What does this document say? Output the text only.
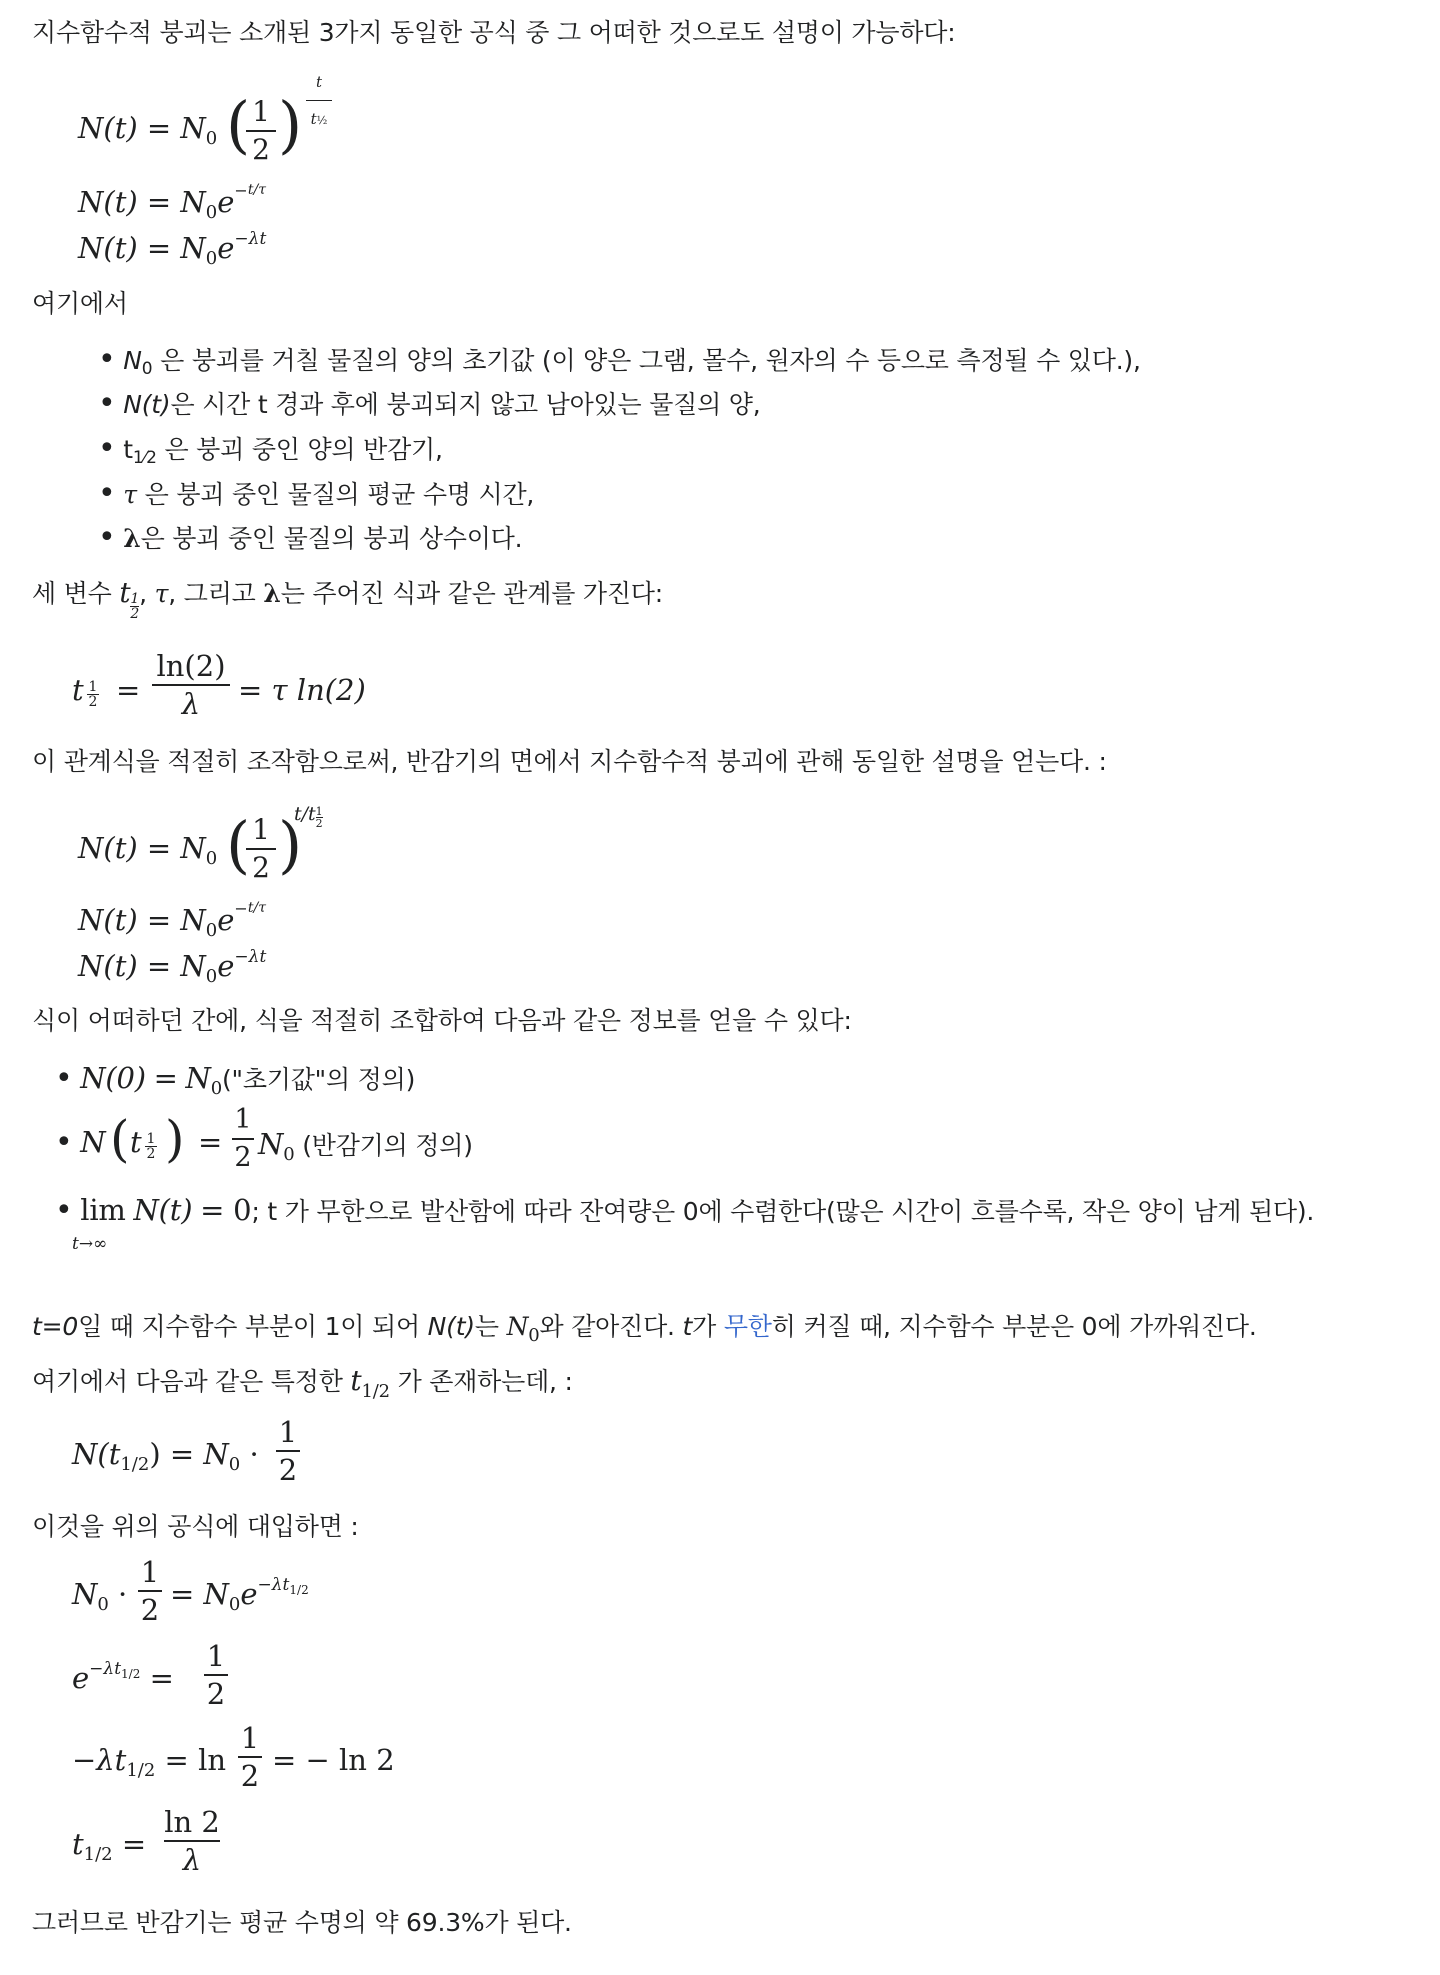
지수함수적 붕괴는 소개된 3가지 동일한 공식 중 그 어떠한 것으로도 설명이 가능하다:
$N(t) = N_0$ ( 1
2 )
t
t½
$N(t) = N_0e^{-t/\tau}$
$N(t) = N_0e^{-\lambda t}$
여기에서
• $N_0$ 은 붕괴를 거칠 물질의 양의 초기값 (이 양은 그램, 몰수, 원자의 수 등으로 측정될 수 있다.),
• N(t)은 시간 t 경과 후에 붕괴되지 않고 남아있는 물질의 양,
• $t_{1⁄2}$ 은 붕괴 중인 양의 반감기,
• τ 은 붕괴 중인 물질의 평균 수명 시간,
• λ은 붕괴 중인 물질의 붕괴 상수이다.
세 변수 t $\frac{1}{2}$ , τ, 그리고 λ는 주어진 식과 같은 관계를 가진다:
t 1
2 =
ln(2)
λ	= τ ln(2)
이 관계식을 적절히 조작함으로써, 반감기의 면에서 지수함수적 붕괴에 관해 동일한 설명을 얻는다. :
$N(t) = N_0$ ( 1
2 )
$t/t \frac{1}{2}$
$N(t) = N_0e^{-t/\tau}$
$N(t) = N_0e^{-\lambda t}$
식이 어떠하던 간에, 식을 적절히 조합하여 다음과 같은 정보를 얻을 수 있다:
• $N(0) = N_0$("초기값"의 정의)
• N ( t 1
2 ) =
1
2 $N_0$ (반감기의 정의)
• lim N(t) = 0; t 가 무한으로 발산함에 따라 잔여량은 0에 수렴한다(많은 시간이 흐를수록, 작은 양이 남게 된다).
t→∞
t=0일 때 지수함수 부분이 1이 되어 N(t)는 $N_0$와 같아진다. t가 무한히 커질 때, 지수함수 부분은 0에 가까워진다.
여기에서 다음과 같은 특정한 $t_{1/2}$ 가 존재하는데, :
$N(t_{1/2}) = N_0$ ·
1
2
이것을 위의 공식에 대입하면 :
$N_0$ ·
1
$2 = N_0e^{-\lambda t1/2}$
$e^{-\lambda t1/2}$ =
1
2
$-\lambda t_{1/2} = \ln$
1
2 = − ln 2
$t_{1/2}$ =
ln 2
λ
그러므로 반감기는 평균 수명의 약 69.3%가 된다.
